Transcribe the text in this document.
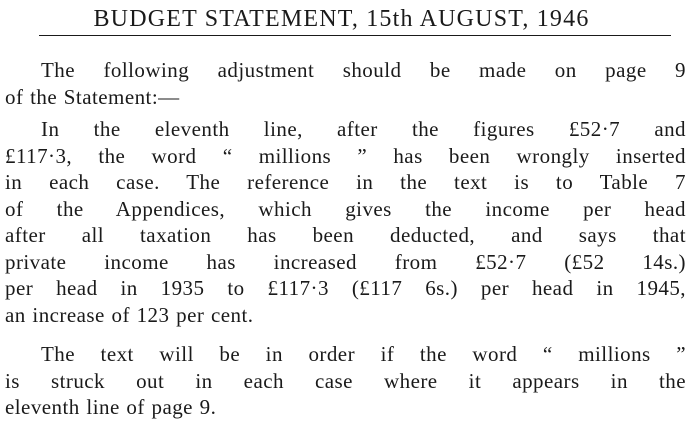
BUDGET STATEMENT, 15th AUGUST, 1946

The following adjustment should be made on page 9
of the Statement:—

In the eleventh line, after the figures £52·7 and
£117·3, the word “ millions ” has been wrongly inserted
in each case. The reference in the text is to Table 7
of the Appendices, which gives the income per head
after all taxation has been deducted, and says that
private income has increased from £52·7 (£52 14s.)
per head in 1935 to £117·3 (£117 6s.) per head in 1945,
an increase of 123 per cent.

The text will be in order if the word “ millions ”
is struck out in each case where it appears in the
eleventh line of page 9.
